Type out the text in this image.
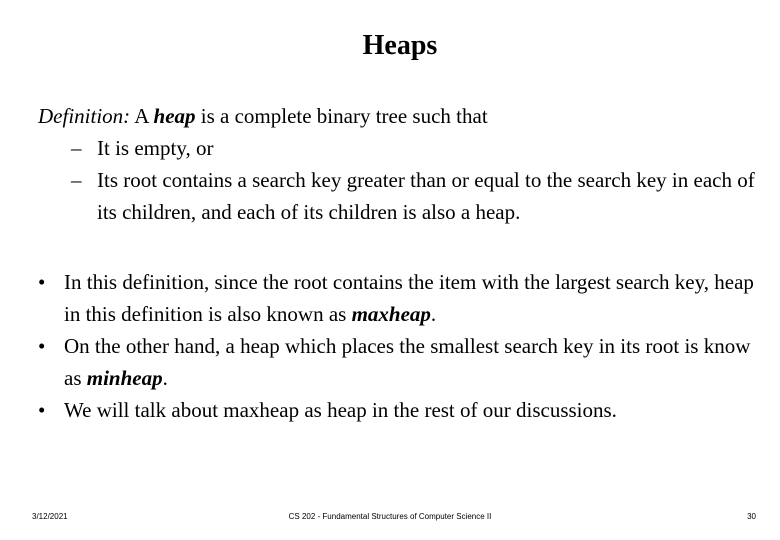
Heaps
Definition: A heap is a complete binary tree such that
– It is empty, or
– Its root contains a search key greater than or equal to the search key in each of its children, and each of its children is also a heap.
• In this definition, since the root contains the item with the largest search key, heap in this definition is also known as maxheap.
• On the other hand, a heap which places the smallest search key in its root is know as minheap.
• We will talk about maxheap as heap in the rest of our discussions.
3/12/2021	CS 202 - Fundamental Structures of Computer Science II	30
